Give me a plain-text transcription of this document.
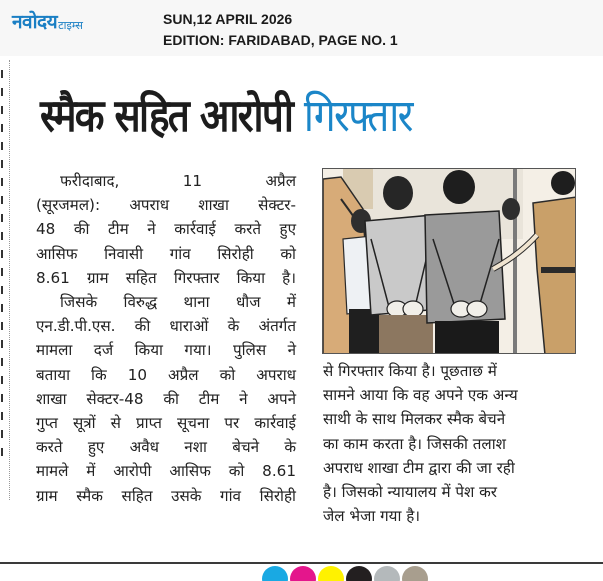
नवोदय टाइम्स	SUN,12 APRIL 2026
EDITION: FARIDABAD, PAGE NO. 1
स्मैक सहित आरोपी गिरफ्तार
फरीदाबाद, 11 अप्रैल
(सूरजमल): अपराध शाखा सेक्टर-
48 की टीम ने कार्रवाई करते हुए
आसिफ निवासी गांव सिरोही को
8.61 ग्राम सहित गिरफ्तार किया है।
जिसके विरुद्ध थाना धौज में
एन.डी.पी.एस. की धाराओं के अंतर्गत
मामला दर्ज किया गया। पुलिस ने
बताया कि 10 अप्रैल को अपराध
शाखा सेक्टर-48 की टीम ने अपने
गुप्त सूत्रों से प्राप्त सूचना पर कार्रवाई
करते हुए अवैध नशा बेचने के
मामले में आरोपी आसिफ को 8.61
ग्राम स्मैक सहित उसके गांव सिरोही
से गिरफ्तार किया है। पूछताछ में
सामने आया कि वह अपने एक अन्य
साथी के साथ मिलकर स्मैक बेचने
का काम करता है। जिसकी तलाश
अपराध शाखा टीम द्वारा की जा रही
है। जिसको न्यायालय में पेश कर
जेल भेजा गया है।
